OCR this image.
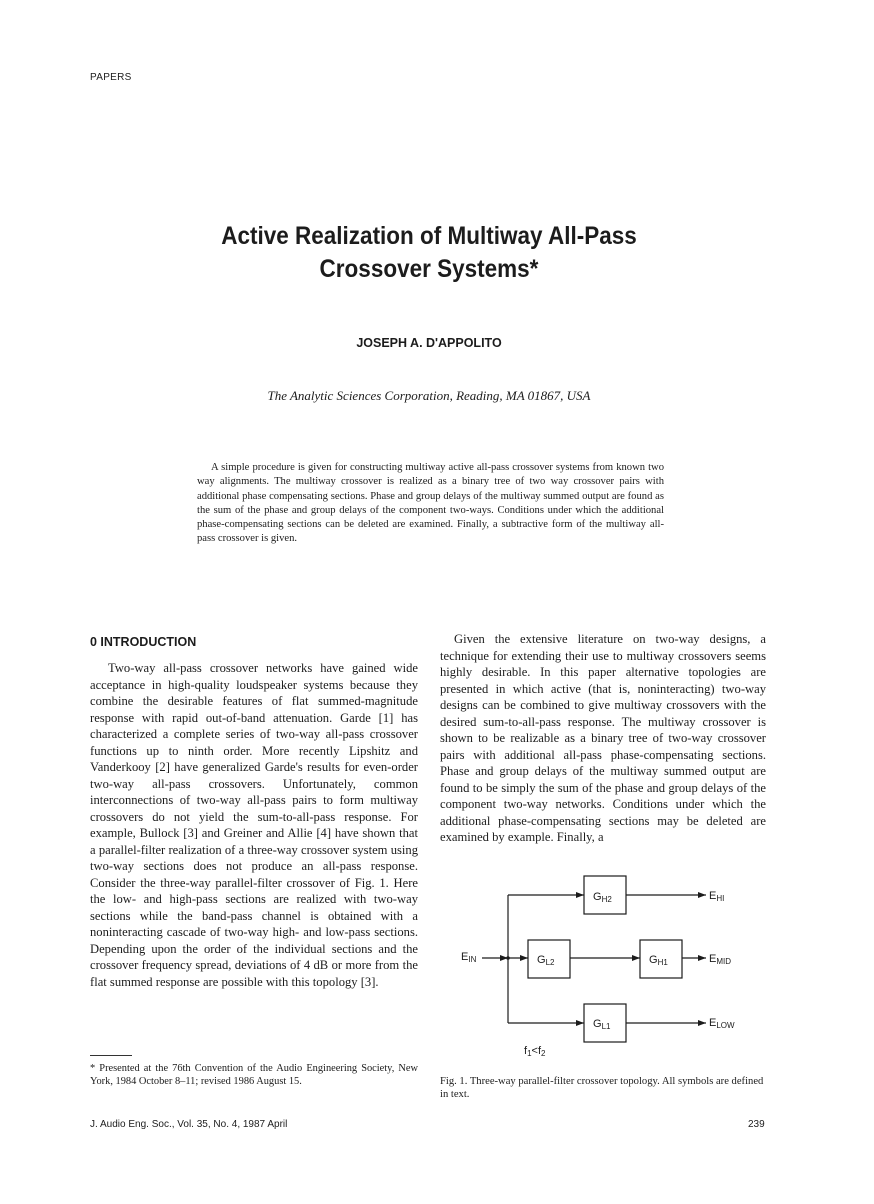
PAPERS
Active Realization of Multiway All-Pass
Crossover Systems*
JOSEPH A. D'APPOLITO
The Analytic Sciences Corporation, Reading, MA 01867, USA

A simple procedure is given for constructing multiway active all-pass crossover systems from known two way alignments. The multiway crossover is realized as a binary tree of two way crossover pairs with additional phase compensating sections. Phase and group delays of the multiway summed output are found as the sum of the phase and group delays of the component two-ways. Conditions under which the additional phase-compensating sections can be deleted are examined. Finally, a subtractive form of the multiway all-pass crossover is given.

0 INTRODUCTION

Two-way all-pass crossover networks have gained wide acceptance in high-quality loudspeaker systems because they combine the desirable features of flat summed-magnitude response with rapid out-of-band attenuation. Garde [1] has characterized a complete series of two-way all-pass crossover functions up to ninth order. More recently Lipshitz and Vanderkooy [2] have generalized Garde's results for even-order two-way all-pass crossovers. Unfortunately, common interconnections of two-way all-pass pairs to form multiway crossovers do not yield the sum-to-all-pass response. For example, Bullock [3] and Greiner and Allie [4] have shown that a parallel-filter realization of a three-way crossover system using two-way sections does not produce an all-pass response. Consider the three-way parallel-filter crossover of Fig. 1. Here the low- and high-pass sections are realized with two-way sections while the band-pass channel is obtained with a noninteracting cascade of two-way high- and low-pass sections. Depending upon the order of the individual sections and the crossover frequency spread, deviations of 4 dB or more from the flat summed response are possible with this topology [3].

Given the extensive literature on two-way designs, a technique for extending their use to multiway crossovers seems highly desirable. In this paper alternative topologies are presented in which active (that is, noninteracting) two-way designs can be combined to give multiway crossovers with the desired sum-to-all-pass response. The multiway crossover is shown to be realizable as a binary tree of two-way crossover pairs with additional all-pass phase-compensating sections. Phase and group delays of the multiway summed output are found to be simply the sum of the phase and group delays of the component two-way networks. Conditions under which the additional phase-compensating sections may be deleted are examined by example. Finally, a

* Presented at the 76th Convention of the Audio Engineering Society, New York, 1984 October 8–11; revised 1986 August 15.

GH2
GL2	GH1
GL1
EIN
EHI
EMID
ELOW
f1<f2

Fig. 1. Three-way parallel-filter crossover topology. All symbols are defined in text.

J. Audio Eng. Soc., Vol. 35, No. 4, 1987 April	239
